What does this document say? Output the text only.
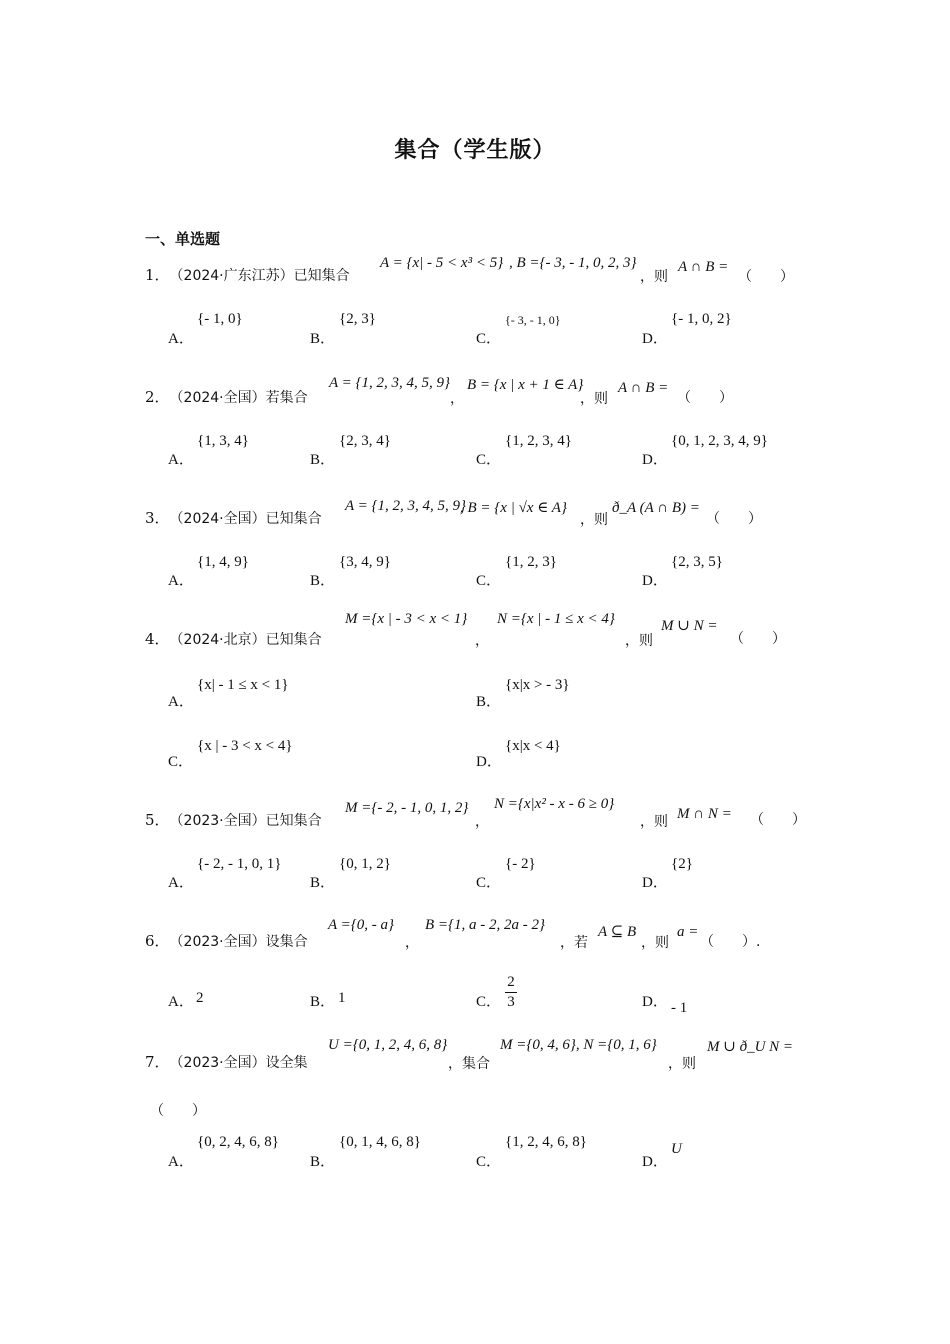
集合（学生版）
一、单选题
1．（2024·广东江苏）已知集合
A = {x| - 5 < x³ < 5} , B ={- 3, - 1, 0, 2, 3}
，则
A ∩ B =
（　　）
A．
{- 1, 0}
B．
{2, 3}
C．
{- 3, - 1, 0}
D．
{- 1, 0, 2}
2．（2024·全国）若集合
A = {1, 2, 3, 4, 5, 9}
，
B = {x | x + 1 ∈ A}
，则
A ∩ B =
（　　）
A．
{1, 3, 4}
B．
{2, 3, 4}
C．
{1, 2, 3, 4}
D．
{0, 1, 2, 3, 4, 9}
3．（2024·全国）已知集合
A = {1, 2, 3, 4, 5, 9}
, B = {x | √x ∈ A}
，则
ð_A (A ∩ B) =
（　　）
A．
{1, 4, 9}
B．
{3, 4, 9}
C．
{1, 2, 3}
D．
{2, 3, 5}
4．（2024·北京）已知集合
M ={x | - 3 < x < 1}
，
N ={x | - 1 ≤ x < 4}
，则
M ∪ N =
（　　）
A．
{x| - 1 ≤ x < 1}
B．
{x|x > - 3}
C．
{x | - 3 < x < 4}
D．
{x|x < 4}
5．（2023·全国）已知集合
M ={- 2, - 1, 0, 1, 2}
，
N ={x|x² - x - 6 ≥ 0}
，则 M ∩ N = （　　）
A．
{- 2, - 1, 0, 1}
B．
{0, 1, 2}
C．
{- 2}
D．
{2}
6．（2023·全国）设集合
A ={0, - a}
，
B ={1, a - 2, 2a - 2}
，若
A ⊆ B
，则
a =
（　　）.
A． 2	B． 1	C．
2
3	D． - 1
7．（2023·全国）设全集
U ={0, 1, 2, 4, 6, 8}
，集合
M ={0, 4, 6}, N ={0, 1, 6}
，则
M ∪ ð_U N =
（　　）
A．
{0, 2, 4, 6, 8}
B．
{0, 1, 4, 6, 8}
C．
{1, 2, 4, 6, 8}
D．
U
